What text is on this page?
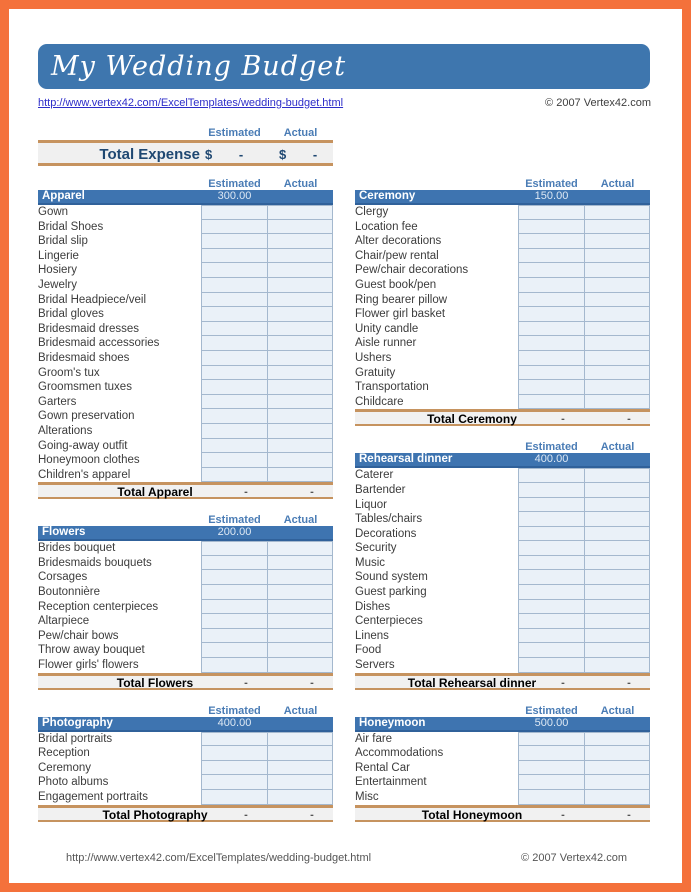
My Wedding Budget
http://www.vertex42.com/ExcelTemplates/wedding-budget.html	© 2007 Vertex42.com
Estimated	Actual
Total Expense $	-	$	-
Estimated	Actual
Apparel	300.00
Gown
Bridal Shoes
Bridal slip
Lingerie
Hosiery
Jewelry
Bridal Headpiece/veil
Bridal gloves
Bridesmaid dresses
Bridesmaid accessories
Bridesmaid shoes
Groom's tux
Groomsmen tuxes
Garters
Gown preservation
Alterations
Going-away outfit
Honeymoon clothes
Children's apparel
Total Apparel	-	-
Estimated	Actual
Flowers	200.00
Brides bouquet
Bridesmaids bouquets
Corsages
Boutonnière
Reception centerpieces
Altarpiece
Pew/chair bows
Throw away bouquet
Flower girls' flowers
Total Flowers	-	-
Estimated	Actual
Photography	400.00
Bridal portraits
Reception
Ceremony
Photo albums
Engagement portraits
Total Photography	-	-
Estimated	Actual
Ceremony	150.00
Clergy
Location fee
Alter decorations
Chair/pew rental
Pew/chair decorations
Guest book/pen
Ring bearer pillow
Flower girl basket
Unity candle
Aisle runner
Ushers
Gratuity
Transportation
Childcare
Total Ceremony	-	-
Estimated	Actual
Rehearsal dinner	400.00
Caterer
Bartender
Liquor
Tables/chairs
Decorations
Security
Music
Sound system
Guest parking
Dishes
Centerpieces
Linens
Food
Servers
Total Rehearsal dinner	-	-
Estimated	Actual
Honeymoon	500.00
Air fare
Accommodations
Rental Car
Entertainment
Misc
Total Honeymoon	-	-
http://www.vertex42.com/ExcelTemplates/wedding-budget.html	© 2007 Vertex42.com
